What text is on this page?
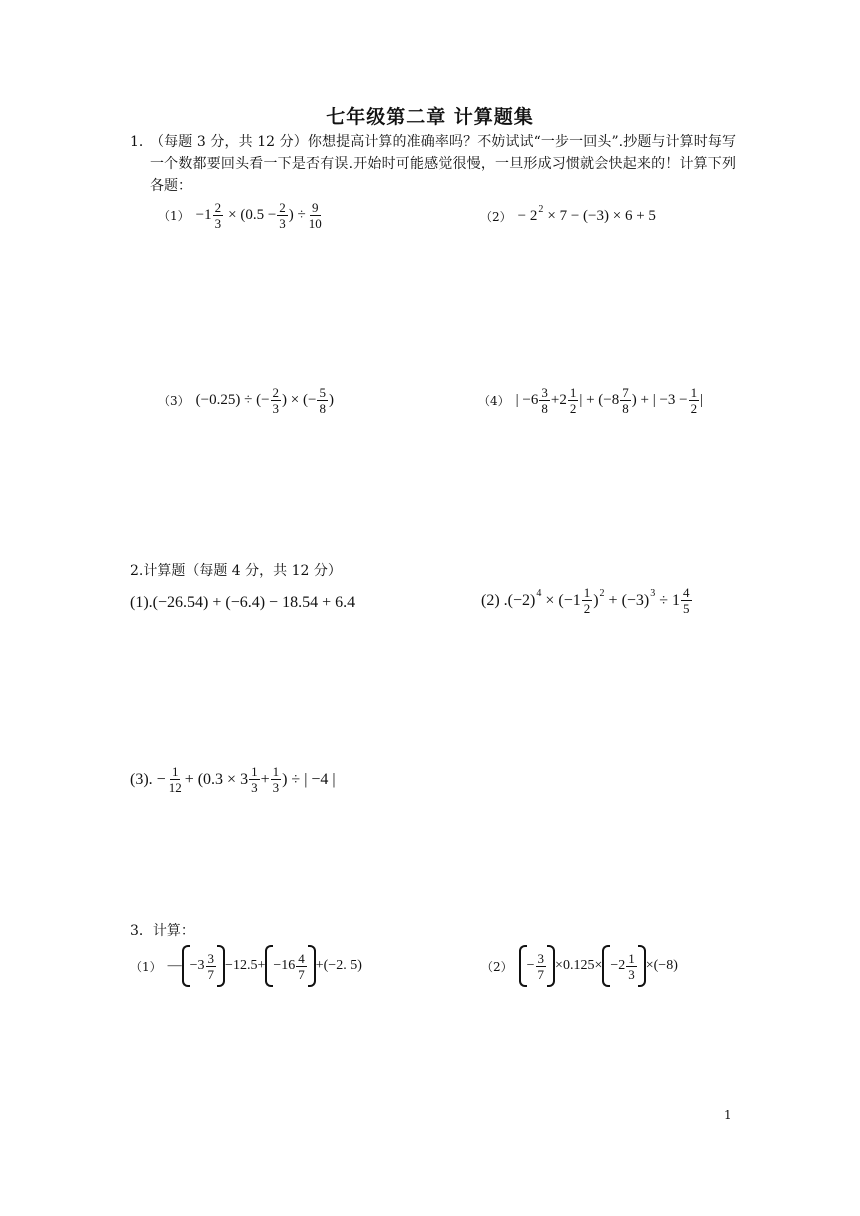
七年级第二章 计算题集
1．
（每题 3 分，共 12 分）你想提高计算的准确率吗？不妨试试“一步一回头”.抄题与计算时每写一个数都要回头看一下是否有误.开始时可能感觉很慢，一旦形成习惯就会快起来的！计算下列各题：
$(1) -1 \frac{2}{3} \times (0.5 - \frac{2}{3}$ ) ÷ $\frac{9}{10}$	（2） − 2 2 × 7 − (−3) × 6 + 5
（3） (−0.25) ÷ (− $\frac{2}{3}$ ) × (− $\frac{5}{8}$ )	（4） | $-6 \frac{3}{8} +2 \frac{1}{2}$ | + ($-8 \frac{7}{8}$ ) + | $-3 - \frac{1}{2}$ |
2.计算题（每题 4 分，共 12 分）
(1).(−26.54) + (−6.4) − 18.54 + 6.4	(2) .(−2) $4 \times (-1 \frac{1}{2}$ ) 2 + (−3) $3 \div 1 \frac{4}{5}$
(3). − $\frac{1}{12} + (0.3 \times 3 \frac{1}{3} + \frac{1}{3}$ ) ÷ | −4 |
3．计算：
（1） — $-3 \frac{3}{7} -12.5+ -16 \frac{4}{7} +(-2$. 5)	$(2) - \frac{3}{7} \times 0.125\times -2 \frac{1}{3} \times(-8)$
1
